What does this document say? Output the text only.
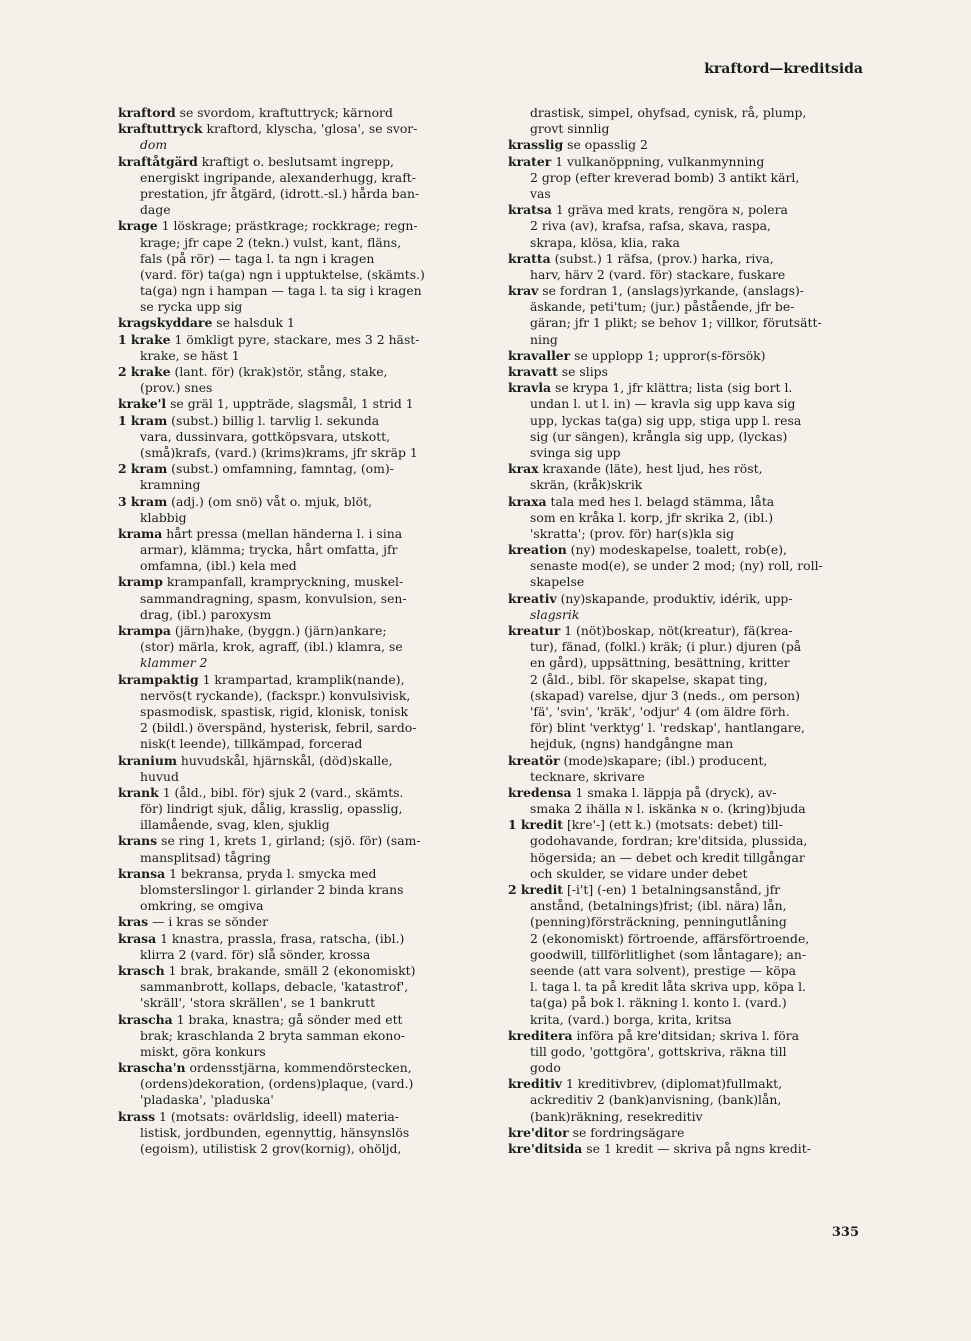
kraftord—kreditsida
kraftord se svordom, kraftuttryck; kärnord
kraftuttryck kraftord, klyscha, 'glosa', se svor-
dom
kraftåtgärd kraftigt o. beslutsamt ingrepp,
energiskt ingripande, alexanderhugg, kraft-
prestation, jfr åtgärd, (idrott.-sl.) hårda ban-
dage
krage 1 löskrage; prästkrage; rockkrage; regn-
krage; jfr cape 2 (tekn.) vulst, kant, fläns,
fals (på rör) — taga l. ta ngn i kragen
(vard. för) ta(ga) ngn i upptuktelse, (skämts.)
ta(ga) ngn i hampan — taga l. ta sig i kragen
se rycka upp sig
kragskyddare se halsduk 1
1 krake 1 ömkligt pyre, stackare, mes 3 2 häst-
krake, se häst 1
2 krake (lant. för) (krak)stör, stång, stake,
(prov.) snes
krake'l se gräl 1, uppträde, slagsmål, 1 strid 1
1 kram (subst.) billig l. tarvlig l. sekunda
vara, dussinvara, gottköpsvara, utskott,
(små)krafs, (vard.) (krims)krams, jfr skräp 1
2 kram (subst.) omfamning, famntag, (om)-
kramning
3 kram (adj.) (om snö) våt o. mjuk, blöt,
klabbig
krama hårt pressa (mellan händerna l. i sina
armar), klämma; trycka, hårt omfatta, jfr
omfamna, (ibl.) kela med
kramp krampanfall, krampryckning, muskel-
sammandragning, spasm, konvulsion, sen-
drag, (ibl.) paroxysm
krampa (järn)hake, (byggn.) (järn)ankare;
(stor) märla, krok, agraff, (ibl.) klamra, se
klammer 2
krampaktig 1 krampartad, kramplik(nande),
nervös(t ryckande), (fackspr.) konvulsivisk,
spasmodisk, spastisk, rigid, klonisk, tonisk
2 (bildl.) överspänd, hysterisk, febril, sardo-
nisk(t leende), tillkämpad, forcerad
kranium huvudskål, hjärnskål, (död)skalle,
huvud
krank 1 (åld., bibl. för) sjuk 2 (vard., skämts.
för) lindrigt sjuk, dålig, krasslig, opasslig,
illamående, svag, klen, sjuklig
krans se ring 1, krets 1, girland; (sjö. för) (sam-
mansplitsad) tågring
kransa 1 bekransa, pryda l. smycka med
blomsterslingor l. girlander 2 binda krans
omkring, se omgiva
kras — i kras se sönder
krasa 1 knastra, prassla, frasa, ratscha, (ibl.)
klirra 2 (vard. för) slå sönder, krossa
krasch 1 brak, brakande, smäll 2 (ekonomiskt)
sammanbrott, kollaps, debacle, 'katastrof',
'skräll', 'stora skrällen', se 1 bankrutt
krascha 1 braka, knastra; gå sönder med ett
brak; kraschlanda 2 bryta samman ekono-
miskt, göra konkurs
krascha'n ordensstjärna, kommendörstecken,
(ordens)dekoration, (ordens)plaque, (vard.)
'pladaska', 'pladuska'
krass 1 (motsats: ovärldslig, ideell) materia-
listisk, jordbunden, egennyttig, hänsynslös
(egoism), utilistisk 2 grov(kornig), ohöljd,
drastisk, simpel, ohyfsad, cynisk, rå, plump,
grovt sinnlig
krasslig se opasslig 2
krater 1 vulkanöppning, vulkanmynning
2 grop (efter kreverad bomb) 3 antikt kärl,
vas
kratsa 1 gräva med krats, rengöra ɴ, polera
2 riva (av), krafsa, rafsa, skava, raspa,
skrapa, klösa, klia, raka
kratta (subst.) 1 räfsa, (prov.) harka, riva,
harv, härv 2 (vard. för) stackare, fuskare
krav se fordran 1, (anslags)yrkande, (anslags)-
äskande, peti'tum; (jur.) påstående, jfr be-
gäran; jfr 1 plikt; se behov 1; villkor, förutsätt-
ning
kravaller se upplopp 1; uppror(s-försök)
kravatt se slips
kravla se krypa 1, jfr klättra; lista (sig bort l.
undan l. ut l. in) — kravla sig upp kava sig
upp, lyckas ta(ga) sig upp, stiga upp l. resa
sig (ur sängen), krångla sig upp, (lyckas)
svinga sig upp
krax kraxande (läte), hest ljud, hes röst,
skrän, (kråk)skrik
kraxa tala med hes l. belagd stämma, låta
som en kråka l. korp, jfr skrika 2, (ibl.)
'skratta'; (prov. för) har(s)kla sig
kreation (ny) modeskapelse, toalett, rob(e),
senaste mod(e), se under 2 mod; (ny) roll, roll-
skapelse
kreativ (ny)skapande, produktiv, idérik, upp-
slagsrik
kreatur 1 (nöt)boskap, nöt(kreatur), fä(krea-
tur), fänad, (folkl.) kräk; (i plur.) djuren (på
en gård), uppsättning, besättning, kritter
2 (åld., bibl. för skapelse, skapat ting,
(skapad) varelse, djur 3 (neds., om person)
'fä', 'svin', 'kräk', 'odjur' 4 (om äldre förh.
för) blint 'verktyg' l. 'redskap', hantlangare,
hejduk, (ngns) handgångne man
kreatör (mode)skapare; (ibl.) producent,
tecknare, skrivare
kredensa 1 smaka l. läppja på (dryck), av-
smaka 2 ihälla ɴ l. iskänka ɴ o. (kring)bjuda
1 kredit [kre'-] (ett k.) (motsats: debet) till-
godohavande, fordran; kre'ditsida, plussida,
högersida; an — debet och kredit tillgångar
och skulder, se vidare under debet
2 kredit [-i't] (-en) 1 betalningsanstånd, jfr
anstånd, (betalnings)frist; (ibl. nära) lån,
(penning)försträckning, penningutlåning
2 (ekonomiskt) förtroende, affärsförtroende,
goodwill, tillförlitlighet (som låntagare); an-
seende (att vara solvent), prestige — köpa
l. taga l. ta på kredit låta skriva upp, köpa l.
ta(ga) på bok l. räkning l. konto l. (vard.)
krita, (vard.) borga, krita, kritsa
kreditera införa på kre'ditsidan; skriva l. föra
till godo, 'gottgöra', gottskriva, räkna till
godo
kreditiv 1 kreditivbrev, (diplomat)fullmakt,
ackreditiv 2 (bank)anvisning, (bank)lån,
(bank)räkning, resekreditiv
kre'ditor se fordringsägare
kre'ditsida se 1 kredit — skriva på ngns kredit-
335
